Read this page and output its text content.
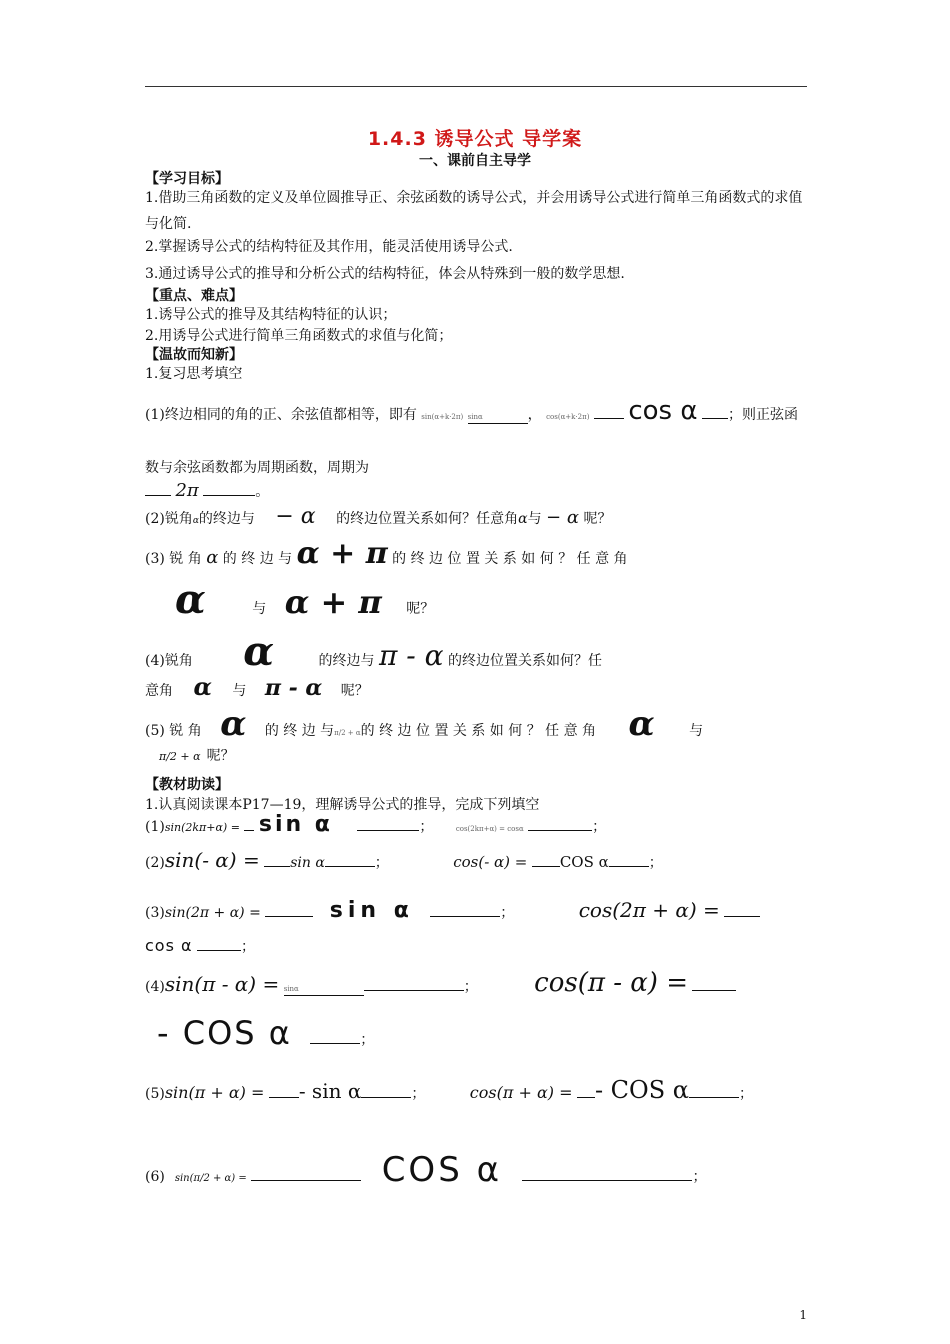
1.4.3 诱导公式 导学案
一、课前自主导学
【学习目标】
1.借助三角函数的定义及单位圆推导正、余弦函数的诱导公式，并会用诱导公式进行简单三角函数式的求值与化简.
2.掌握诱导公式的结构特征及其作用，能灵活使用诱导公式.
3.通过诱导公式的推导和分析公式的结构特征，体会从特殊到一般的数学思想.
【重点、难点】
1.诱导公式的推导及其结构特征的认识；
2.用诱导公式进行简单三角函数式的求值与化简；
【温故而知新】
1.复习思考填空
(1)终边相同的角的正、余弦值都相等，即有 sin(α+k·2π) sinα	， cos(α+k·2π) cos α ；则正弦函
数与余弦函数都为周期函数，周期为
2π	。
(2)锐角α的终边与 − α 的终边位置关系如何？任意角α与 − α 呢？
(3) 锐 角 α 的 终 边 与 α + π 的 终 边 位 置 关 系 如 何 ？ 任 意 角
α	与 α + π 呢？
(4)锐角 α	的终边与 π - α 的终边位置关系如何？任
意角 α 与 π - α 呢？
(5) 锐 角 α 的 终 边 与π/2 + α的 终 边 位 置 关 系 如 何 ？ 任 意 角 α 与
π/2 + α 呢？
【教材助读】
1.认真阅读课本P17—19，理解诱导公式的推导，完成下列填空
(1)sin(2kπ+α) = sin α	；	cos(2kπ+α) = cosα	；
(2)sin(- α) = sin α	；	cos(- α) = COS α	；
(3)sin(2π + α) =	sin α	；	cos(2π + α) =
cos α	；
(4)sin(π - α) = sinα	； cos(π - α) =
- COS α	；
(5)sin(π + α) = - sin α	；	cos(π + α) = - COS α	；
(6) sin(π/2 + α) =	COS α	；
1
